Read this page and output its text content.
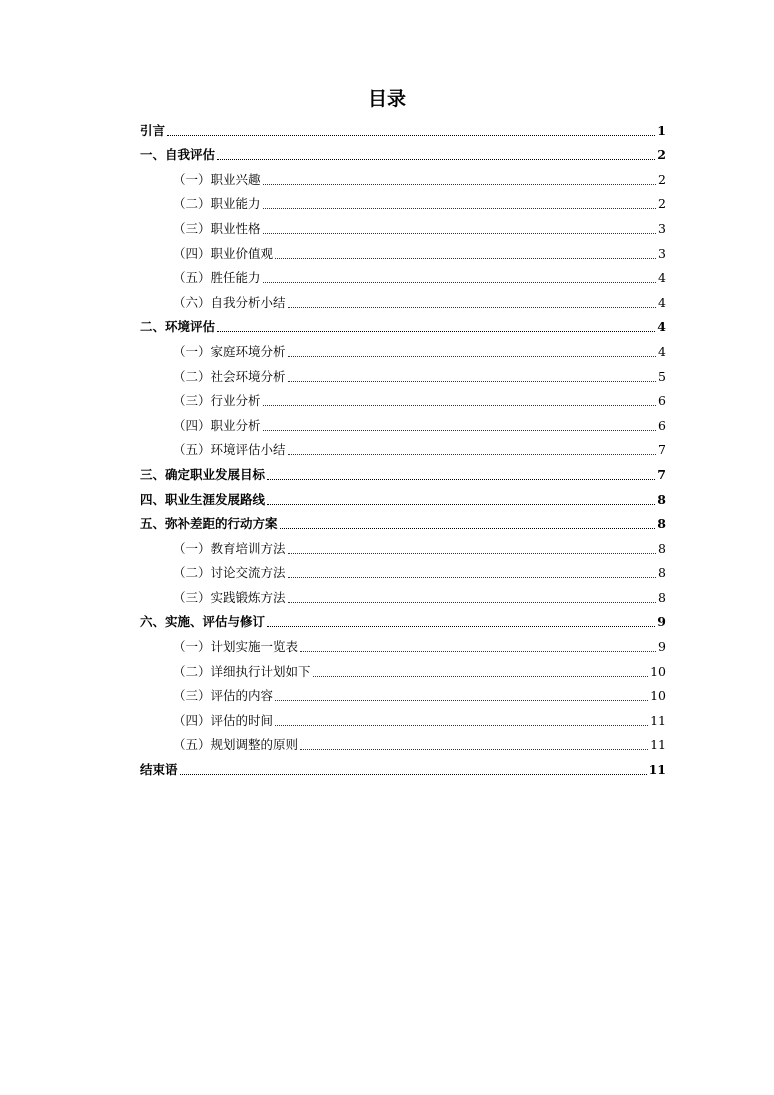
目录
引言	1
一、自我评估	2
（一）职业兴趣	2
（二）职业能力	2
（三）职业性格	3
（四）职业价值观	3
（五）胜任能力	4
（六）自我分析小结	4
二、环境评估	4
（一）家庭环境分析	4
（二）社会环境分析	5
（三）行业分析	6
（四）职业分析	6
（五）环境评估小结	7
三、确定职业发展目标	7
四、职业生涯发展路线	8
五、弥补差距的行动方案	8
（一）教育培训方法	8
（二）讨论交流方法	8
（三）实践锻炼方法	8
六、实施、评估与修订	9
（一）计划实施一览表	9
（二）详细执行计划如下	10
（三）评估的内容	10
（四）评估的时间	11
（五）规划调整的原则	11
结束语	11
